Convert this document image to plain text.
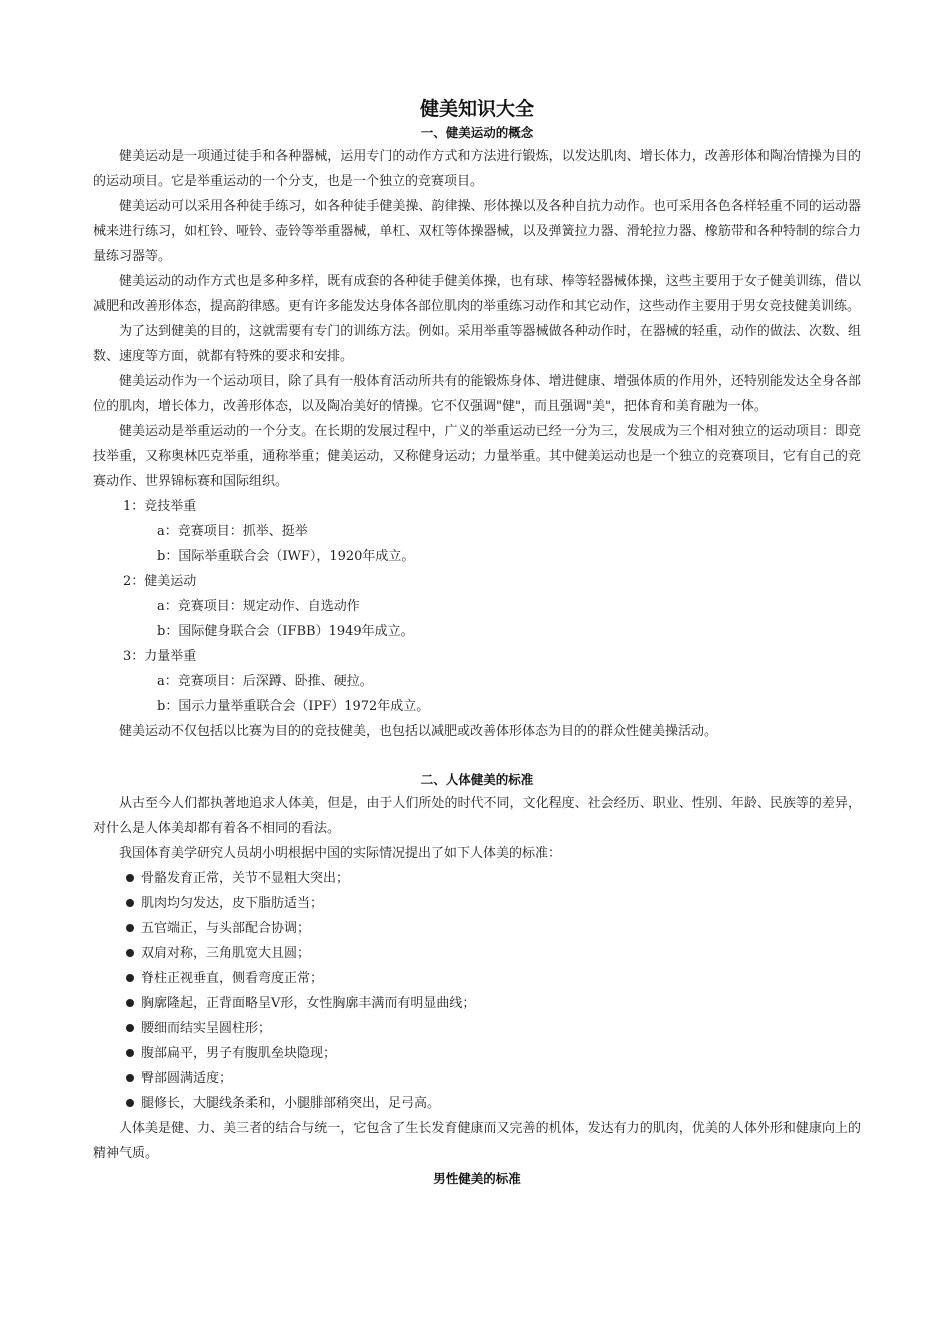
健美知识大全
一、健美运动的概念

健美运动是一项通过徒手和各种器械，运用专门的动作方式和方法进行锻炼，以发达肌肉、增长体力，改善形体和陶冶情操为目的的运动项目。它是举重运动的一个分支，也是一个独立的竞赛项目。

健美运动可以采用各种徒手练习，如各种徒手健美操、韵律操、形体操以及各种自抗力动作。也可采用各色各样轻重不同的运动器械来进行练习，如杠铃、哑铃、壶铃等举重器械，单杠、双杠等体操器械，以及弹簧拉力器、滑轮拉力器、橡筋带和各种特制的综合力量练习器等。

健美运动的动作方式也是多种多样，既有成套的各种徒手健美体操，也有球、棒等轻器械体操，这些主要用于女子健美训练，借以减肥和改善形体态，提高韵律感。更有许多能发达身体各部位肌肉的举重练习动作和其它动作，这些动作主要用于男女竞技健美训练。

为了达到健美的目的，这就需要有专门的训练方法。例如。采用举重等器械做各种动作时，在器械的轻重，动作的做法、次数、组数、速度等方面，就都有特殊的要求和安排。

健美运动作为一个运动项目，除了具有一般体育活动所共有的能锻炼身体、增进健康、增强体质的作用外，还特别能发达全身各部位的肌肉，增长体力，改善形体态，以及陶冶美好的情操。它不仅强调"健"，而且强调"美"，把体育和美育融为一体。

健美运动是举重运动的一个分支。在长期的发展过程中，广义的举重运动已经一分为三，发展成为三个相对独立的运动项目：即竞技举重，又称奥林匹克举重，通称举重；健美运动，又称健身运动；力量举重。其中健美运动也是一个独立的竞赛项目，它有自己的竞赛动作、世界锦标赛和国际组织。

1：竞技举重

a：竞赛项目：抓举、挺举

b：国际举重联合会（IWF），1920年成立。

2：健美运动

a：竞赛项目：规定动作、自选动作

b：国际健身联合会（IFBB）1949年成立。

3：力量举重

a：竞赛项目：后深蹲、卧推、硬拉。

b：国示力量举重联合会（IPF）1972年成立。

健美运动不仅包括以比赛为目的的竞技健美，也包括以减肥或改善体形体态为目的的群众性健美操活动。

二、人体健美的标准

从古至今人们都执著地追求人体美，但是，由于人们所处的时代不同，文化程度、社会经历、职业、性别、年龄、民族等的差异，对什么是人体美却都有着各不相同的看法。

我国体育美学研究人员胡小明根据中国的实际情况提出了如下人体美的标准：

骨骼发育正常，关节不显粗大突出；
肌肉均匀发达，皮下脂肪适当；
五官端正，与头部配合协调；
双肩对称，三角肌宽大且圆；
脊柱正视垂直，侧看弯度正常；
胸廓隆起，正背面略呈V形，女性胸廓丰满而有明显曲线；
腰细而结实呈圆柱形；
腹部扁平，男子有腹肌垒块隐现；
臀部圆满适度；
腿修长，大腿线条柔和，小腿腓部稍突出，足弓高。

人体美是健、力、美三者的结合与统一，它包含了生长发育健康而又完善的机体，发达有力的肌肉，优美的人体外形和健康向上的精神气质。

男性健美的标准
